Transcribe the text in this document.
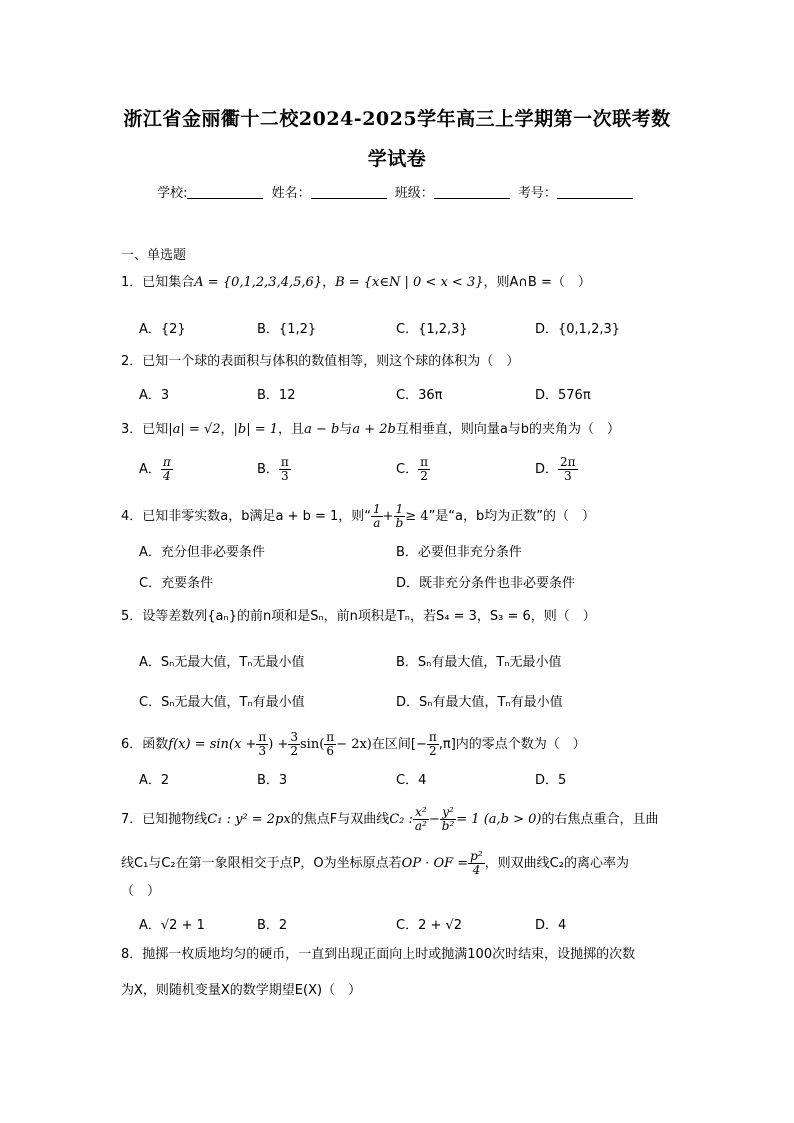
浙江省金丽衢十二校2024-2025学年高三上学期第一次联考数
学试卷
学校:	姓名：	班级：	考号：
一、单选题
1．已知集合A = {0,1,2,3,4,5,6}，B = {x∈N | 0 < x < 3}，则A∩B =（　）
A．{2}	B．{1,2}	C．{1,2,3}	D．{0,1,2,3}
2．已知一个球的表面积与体积的数值相等，则这个球的体积为（　）
A．3	B．12	C．36π	D．576π
3．已知|a| = √2，|b| = 1，且a − b与a + 2b互相垂直，则向量a与b的夹角为（　）
A． $\frac{\pi}{4}$	B． $\frac{\pi}{3}$	C． $\frac{\pi}{2}$	D． $\frac{2\pi}{3}$
4．已知非零实数a，b满足a + b = 1，则“ $\frac{1}{a} + \frac{1}{b} \ge 4$”是“a，b均为正数”的（　）
A．充分但非必要条件	B．必要但非充分条件
C．充要条件	D．既非充分条件也非必要条件
5．设等差数列{aₙ}的前n项和是Sₙ，前n项积是Tₙ，若S₄ = 3，S₃ = 6，则（　）
A．Sₙ无最大值，Tₙ无最小值	B．Sₙ有最大值，Tₙ无最小值
C．Sₙ无最大值，Tₙ有最小值	D．Sₙ有最大值，Tₙ有最小值
6．函数$f(x) = \sin(x + \frac{\pi}{3}$ ) + $\frac{3}{2} \sin( \frac{\pi}{6} - 2x)$在区间[− $\frac{\pi}{2} ,\pi$]内的零点个数为（　）
A．2	B．3	C．4	D．5
7．已知抛物线C₁ : y² = 2px的焦点F与双曲线C₂ : $\frac{\text{x²}}{\text{a²}} - \frac{\text{y²}}{\text{b²}} = 1$ (a,b > 0)的右焦点重合，且曲
线C₁与C₂在第一象限相交于点P，O为坐标原点若OP · OF = $\frac{\text{p²}}{4}$ ，则双曲线C₂的离心率为
（　）
A．√2 + 1	B．2	C．2 + √2	D．4
8．抛掷一枚质地均匀的硬币，一直到出现正面向上时或抛满100次时结束，设抛掷的次数
为X，则随机变量X的数学期望E(X)（　）
